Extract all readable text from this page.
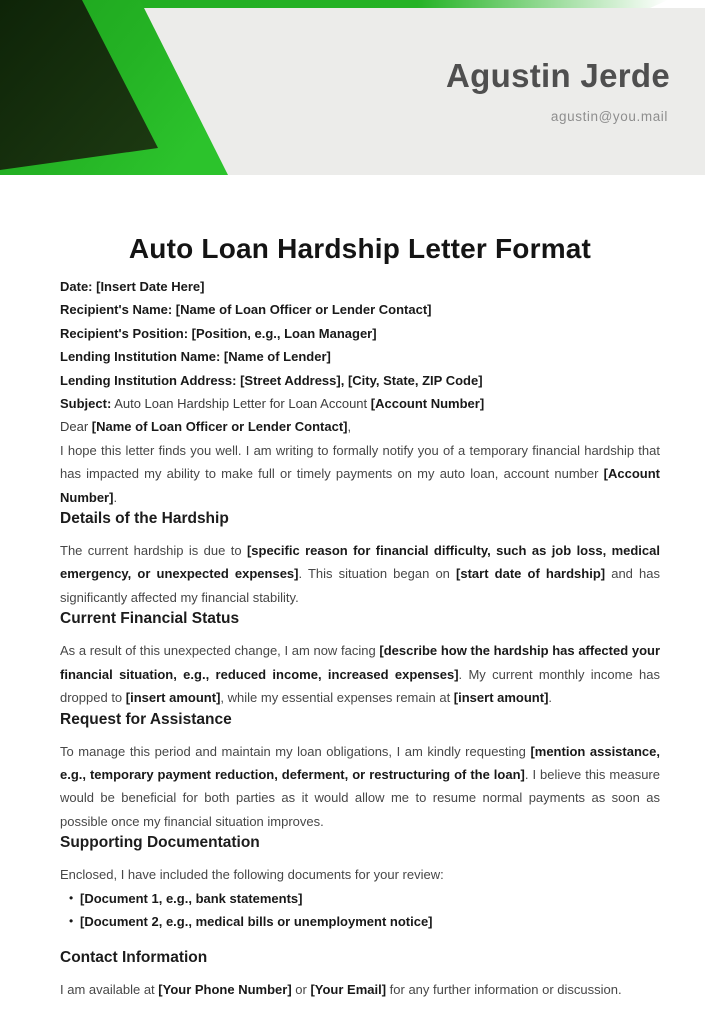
Agustin Jerde
agustin@you.mail
Auto Loan Hardship Letter Format
Date: [Insert Date Here]
Recipient's Name: [Name of Loan Officer or Lender Contact]
Recipient's Position: [Position, e.g., Loan Manager]
Lending Institution Name: [Name of Lender]
Lending Institution Address: [Street Address], [City, State, ZIP Code]
Subject: Auto Loan Hardship Letter for Loan Account [Account Number]
Dear [Name of Loan Officer or Lender Contact],
I hope this letter finds you well. I am writing to formally notify you of a temporary financial hardship that has impacted my ability to make full or timely payments on my auto loan, account number [Account Number].
Details of the Hardship
The current hardship is due to [specific reason for financial difficulty, such as job loss, medical emergency, or unexpected expenses]. This situation began on [start date of hardship] and has significantly affected my financial stability.
Current Financial Status
As a result of this unexpected change, I am now facing [describe how the hardship has affected your financial situation, e.g., reduced income, increased expenses]. My current monthly income has dropped to [insert amount], while my essential expenses remain at [insert amount].
Request for Assistance
To manage this period and maintain my loan obligations, I am kindly requesting [mention assistance, e.g., temporary payment reduction, deferment, or restructuring of the loan]. I believe this measure would be beneficial for both parties as it would allow me to resume normal payments as soon as possible once my financial situation improves.
Supporting Documentation
Enclosed, I have included the following documents for your review:
• [Document 1, e.g., bank statements]
• [Document 2, e.g., medical bills or unemployment notice]
Contact Information
I am available at [Your Phone Number] or [Your Email] for any further information or discussion.
